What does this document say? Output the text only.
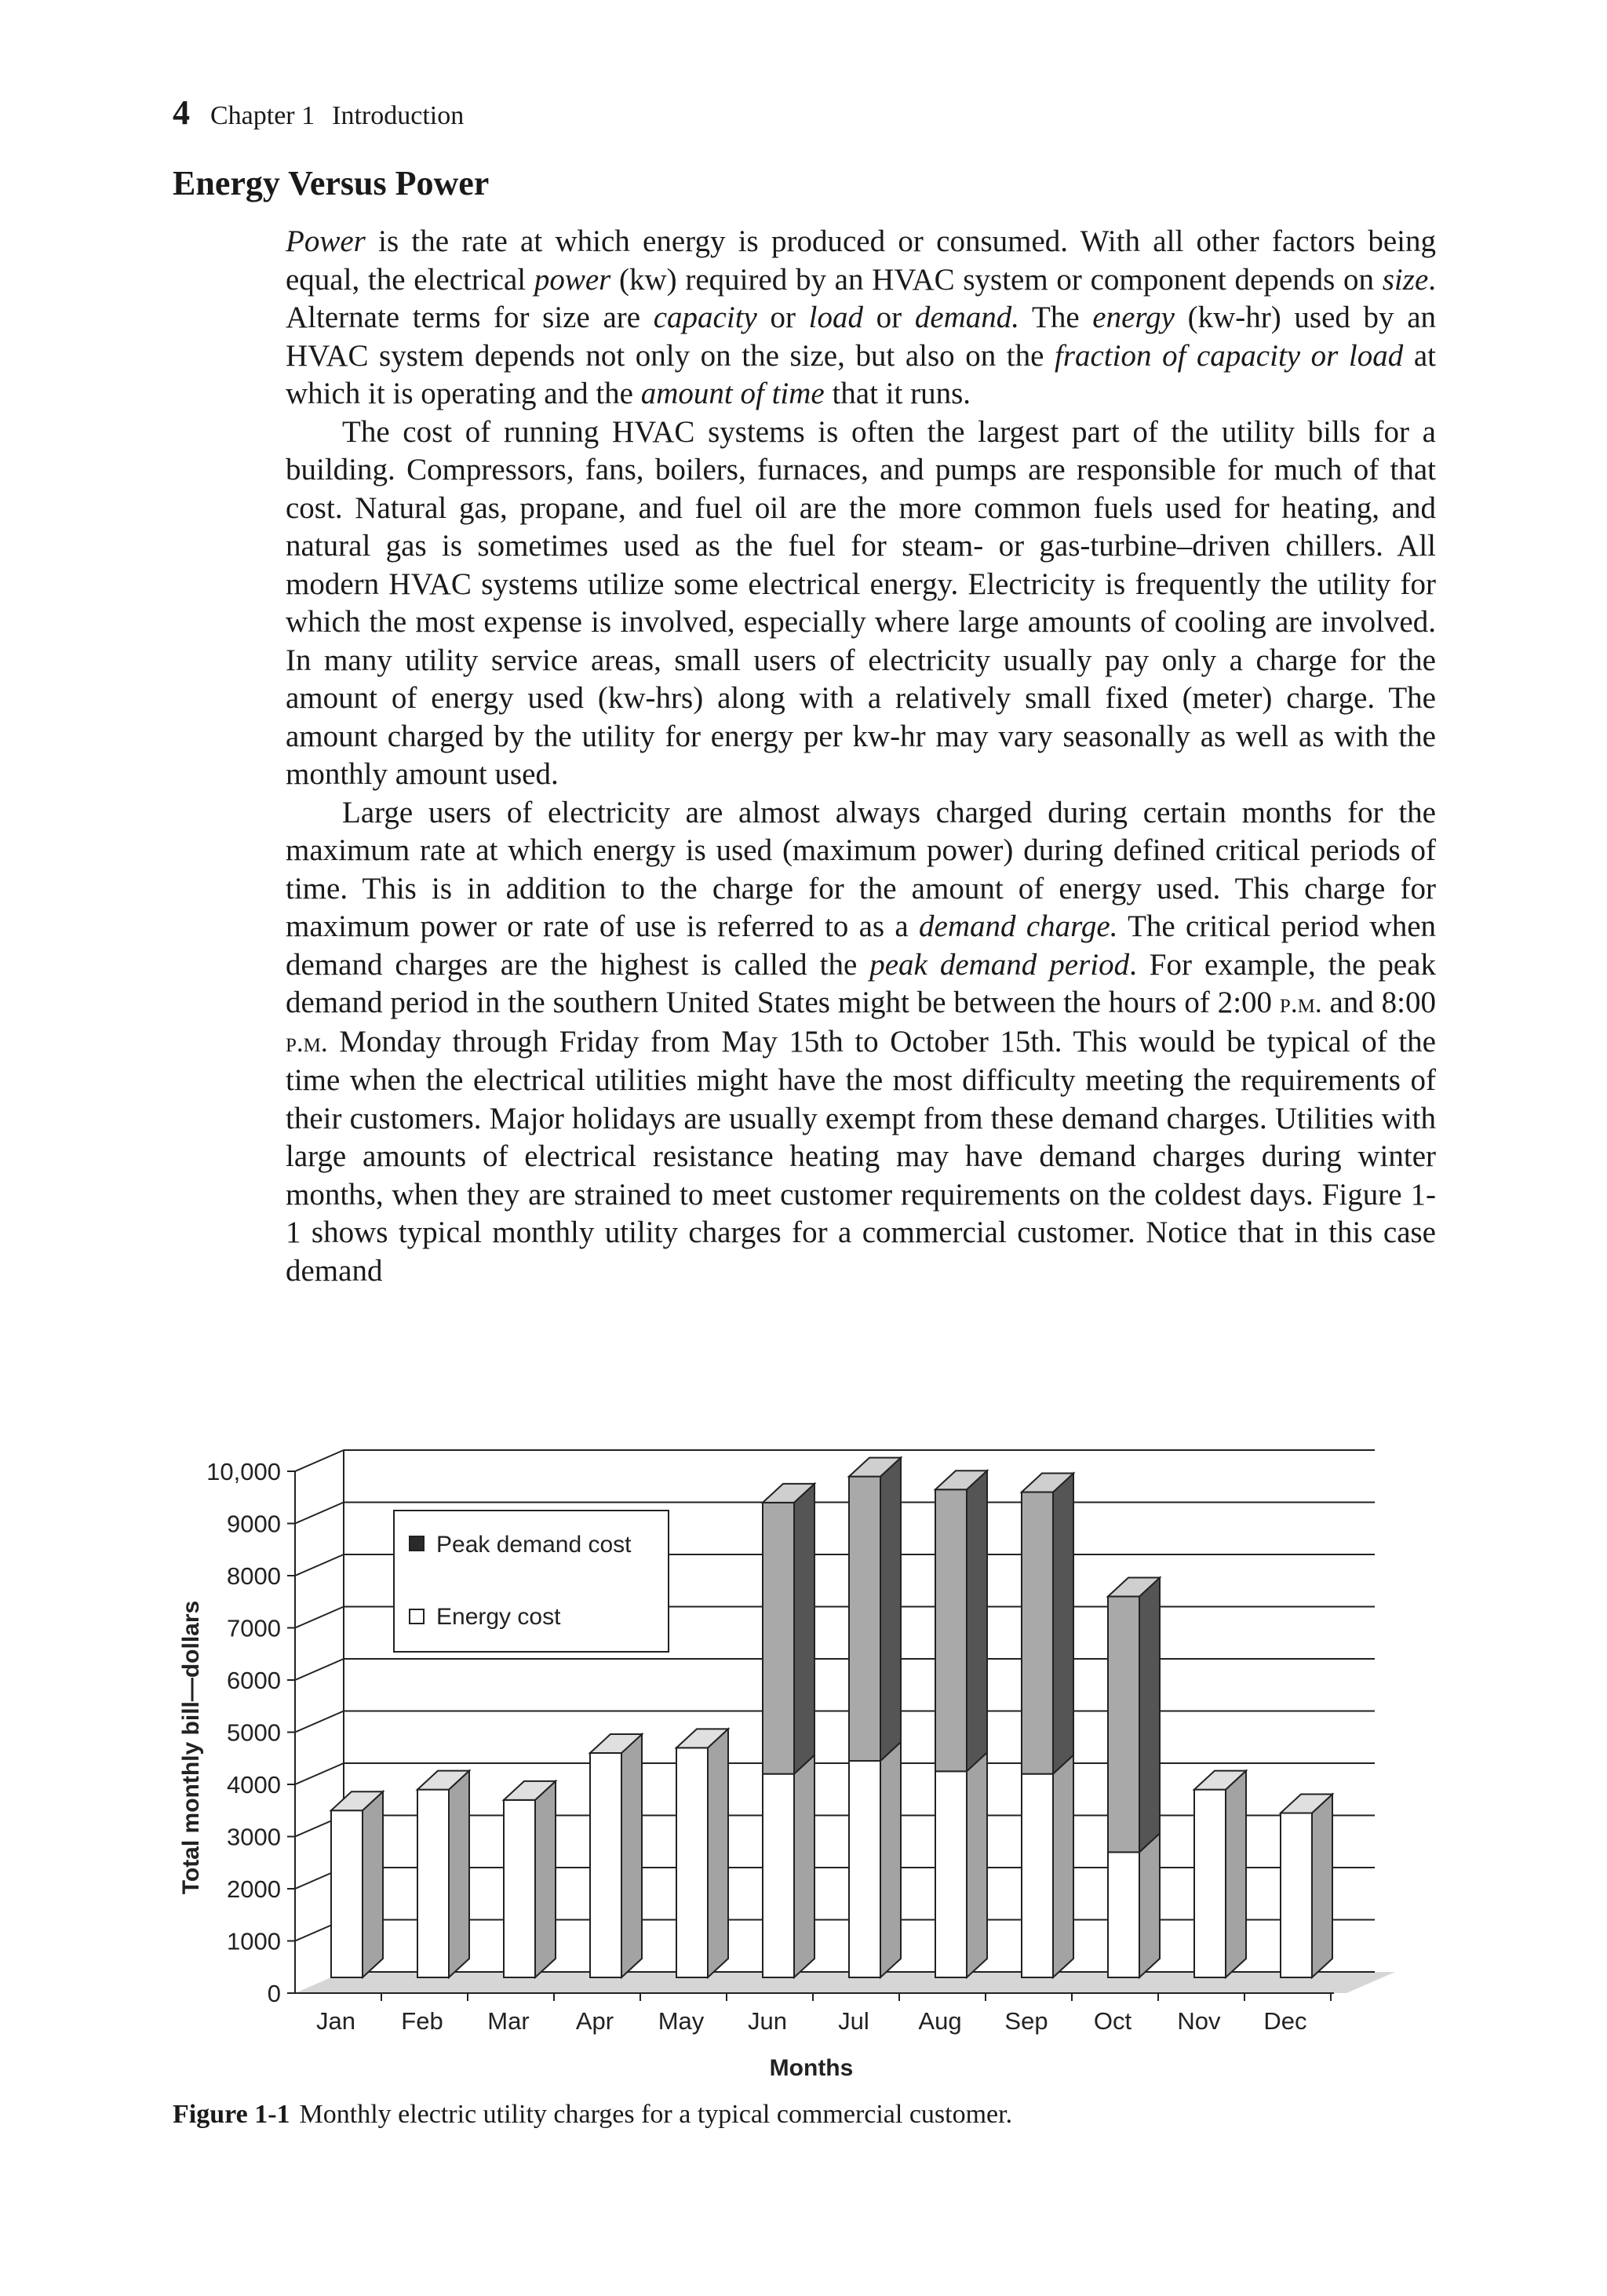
4 Chapter 1 Introduction
Energy Versus Power

Power is the rate at which energy is produced or consumed. With all other factors being equal, the electrical power (kw) required by an HVAC system or component depends on size. Alternate terms for size are capacity or load or demand. The energy (kw-hr) used by an HVAC system depends not only on the size, but also on the fraction of capacity or load at which it is operating and the amount of time that it runs.

The cost of running HVAC systems is often the largest part of the utility bills for a building. Compressors, fans, boilers, furnaces, and pumps are responsible for much of that cost. Natural gas, propane, and fuel oil are the more common fuels used for heating, and natural gas is sometimes used as the fuel for steam- or gas-turbine–driven chillers. All modern HVAC systems utilize some electrical energy. Electricity is frequently the utility for which the most expense is involved, especially where large amounts of cooling are involved. In many utility service areas, small users of electricity usually pay only a charge for the amount of energy used (kw-hrs) along with a relatively small fixed (meter) charge. The amount charged by the utility for energy per kw-hr may vary seasonally as well as with the monthly amount used.

Large users of electricity are almost always charged during certain months for the maximum rate at which energy is used (maximum power) during defined critical periods of time. This is in addition to the charge for the amount of energy used. This charge for maximum power or rate of use is referred to as a demand charge. The critical period when demand charges are the highest is called the peak demand period. For example, the peak demand period in the southern United States might be between the hours of 2:00 p.m. and 8:00 p.m. Monday through Friday from May 15th to October 15th. This would be typical of the time when the electrical utilities might have the most difficulty meeting the requirements of their customers. Major holidays are usually exempt from these demand charges. Utilities with large amounts of electrical resistance heating may have demand charges during winter months, when they are strained to meet customer requirements on the coldest days. Figure 1-1 shows typical monthly utility charges for a commercial customer. Notice that in this case demand

Peak demand cost
Energy cost
0
1000
2000
3000
4000
5000
6000
7000
8000
9000
10,000
Jan Feb Mar Apr May Jun Jul Aug Sep Oct Nov Dec
Total monthly bill—dollars
Months
Figure 1-1 Monthly electric utility charges for a typical commercial customer.
